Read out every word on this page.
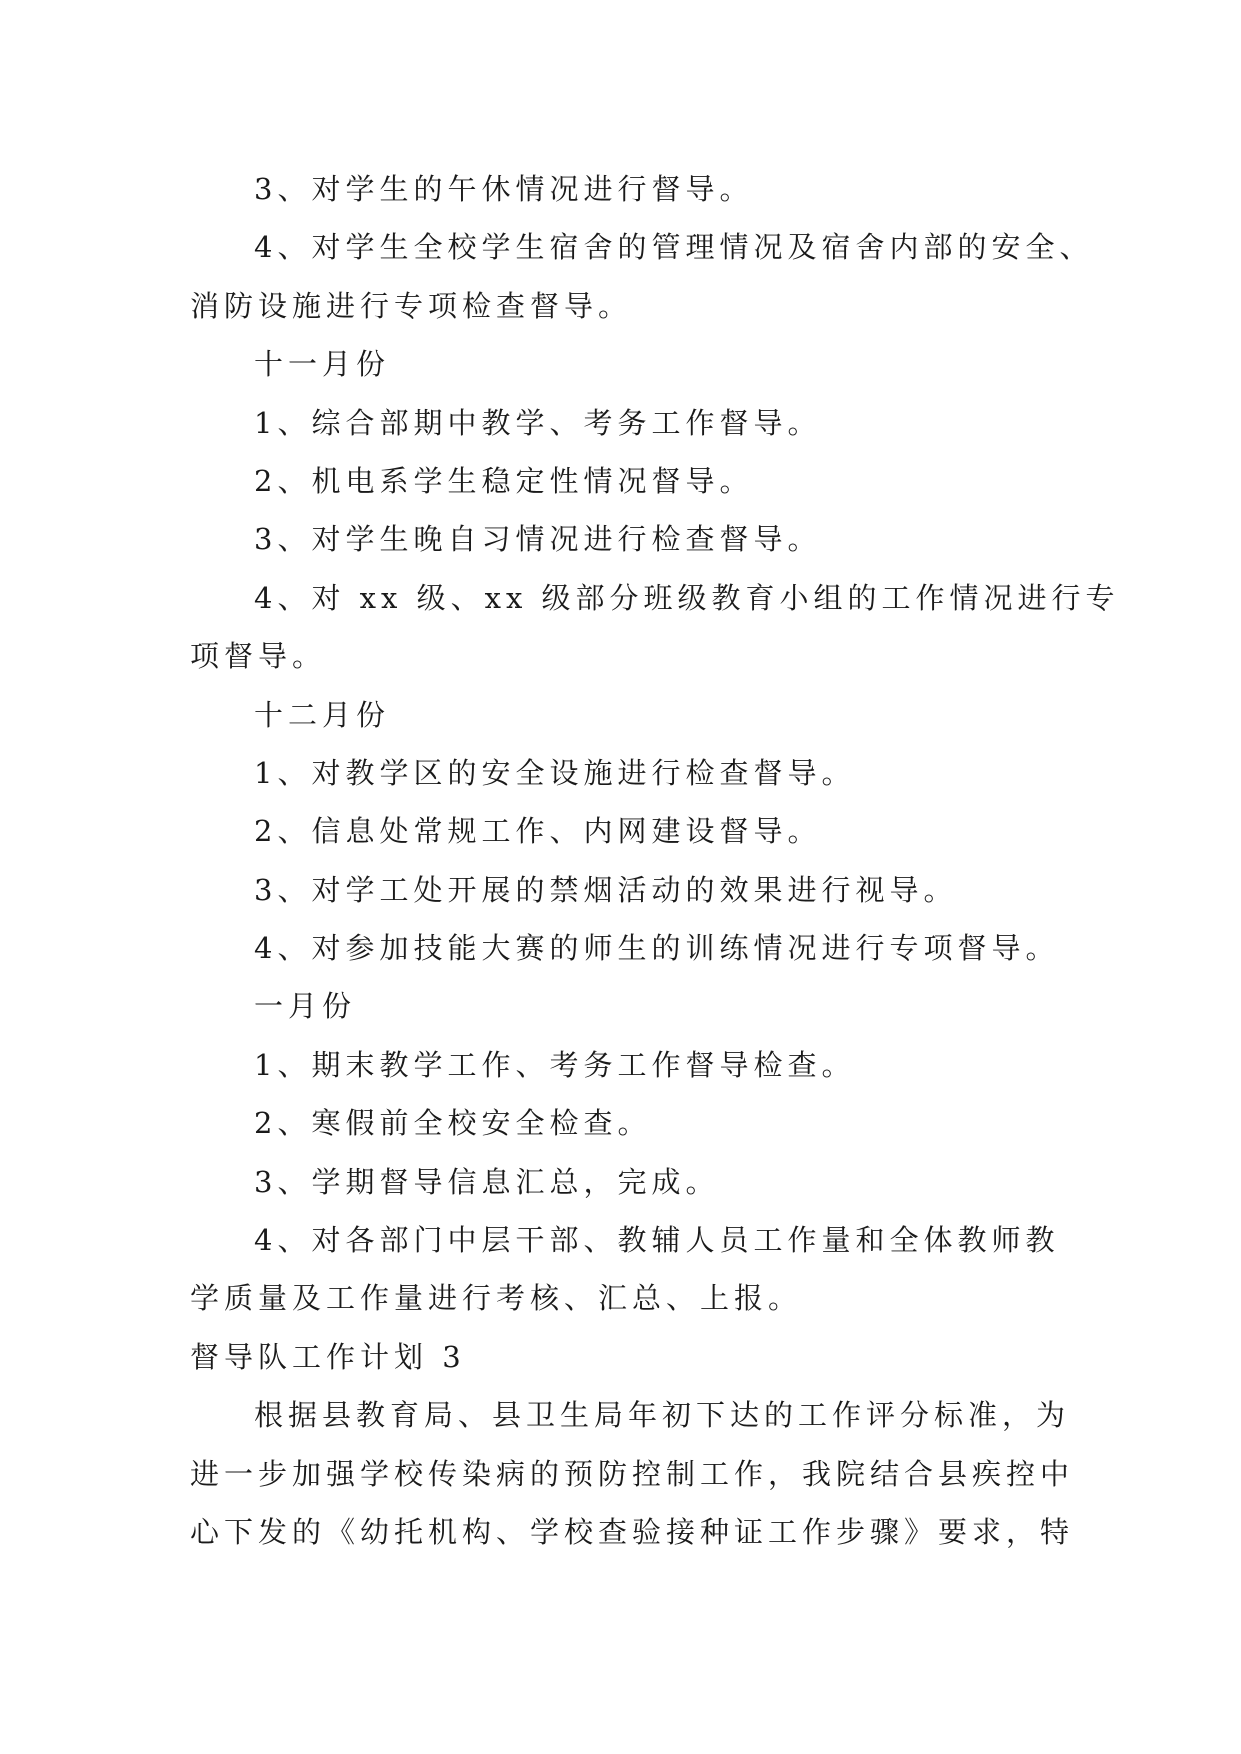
3、对学生的午休情况进行督导。
4、对学生全校学生宿舍的管理情况及宿舍内部的安全、
消防设施进行专项检查督导。
十一月份
1、综合部期中教学、考务工作督导。
2、机电系学生稳定性情况督导。
3、对学生晚自习情况进行检查督导。
4、对 xx 级、xx 级部分班级教育小组的工作情况进行专
项督导。
十二月份
1、对教学区的安全设施进行检查督导。
2、信息处常规工作、内网建设督导。
3、对学工处开展的禁烟活动的效果进行视导。
4、对参加技能大赛的师生的训练情况进行专项督导。
一月份
1、期末教学工作、考务工作督导检查。
2、寒假前全校安全检查。
3、学期督导信息汇总，完成。
4、对各部门中层干部、教辅人员工作量和全体教师教
学质量及工作量进行考核、汇总、上报。
督导队工作计划 3
根据县教育局、县卫生局年初下达的工作评分标准，为
进一步加强学校传染病的预防控制工作，我院结合县疾控中
心下发的《幼托机构、学校查验接种证工作步骤》要求，特
